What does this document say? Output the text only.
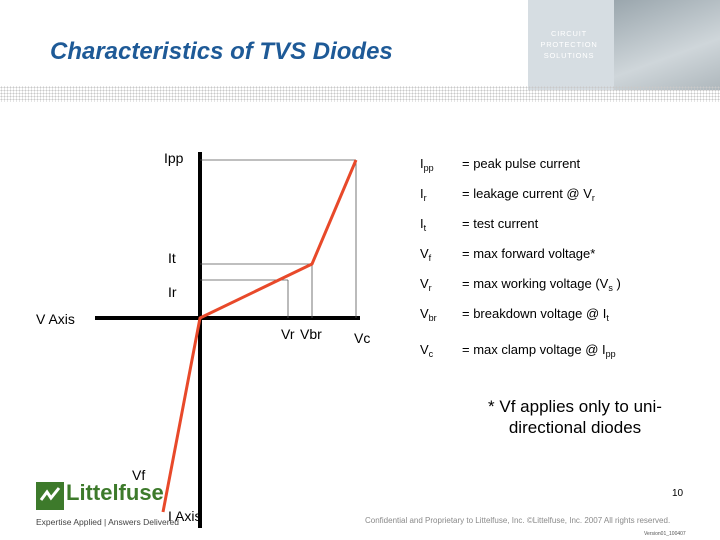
CIRCUIT
PROTECTION
SOLUTIONS
Characteristics of TVS Diodes
Ipp
It
Ir
V Axis
Vr Vbr Vc
Vf
I Axis
$I_{pp}$ = peak pulse current
$I_r$	= leakage current @ $V_r$
$I_t$	= test current
$V_f = \max$ forward voltage*
$V_r = \max$ working voltage ($V_s$ )
$V_{br}$ = breakdown voltage @ $I_t$
$V_c = \max$ clamp voltage @ $I_{pp}$
* Vf applies only to uni-directional diodes
Littelfuse
Expertise Applied | Answers Delivered
10
Confidential and Proprietary to Littelfuse, Inc. ©Littelfuse, Inc. 2007 All rights reserved.
Version01_100407
